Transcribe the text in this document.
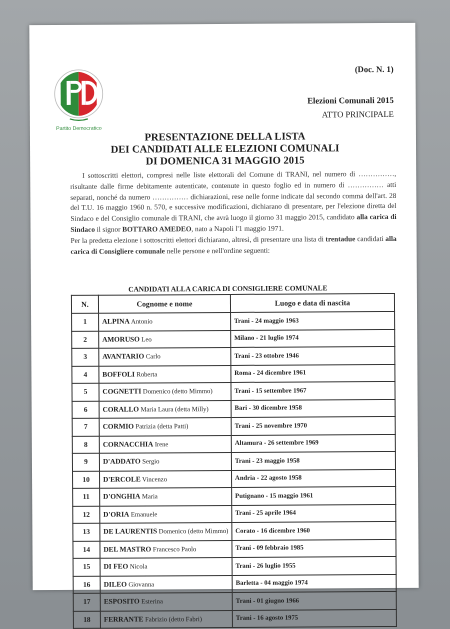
Partito Democratico
(Doc. N. 1)
Elezioni Comunali 2015
ATTO PRINCIPALE
PRESENTAZIONE DELLA LISTA
DEI CANDIDATI ALLE ELEZIONI COMUNALI
DI DOMENICA 31 MAGGIO 2015

I sottoscritti elettori, compresi nelle liste elettorali del Comune di TRANI, nel numero di ……………, risultante dalle firme debitamente autenticate, contenute in questo foglio ed in numero di …………… atti separati, nonché da numero …………… dichiarazioni, rese nelle forme indicate dal secondo comma dell'art. 28 del T.U. 16 maggio 1960 n. 570, e successive modificazioni, dichiarano di presentare, per l'elezione diretta del Sindaco e del Consiglio comunale di TRANI, che avrà luogo il giorno 31 maggio 2015, candidato alla carica di Sindaco il signor BOTTARO AMEDEO, nato a Napoli l'1 maggio 1971.

Per la predetta elezione i sottoscritti elettori dichiarano, altresì, di presentare una lista di trentadue candidati alla carica di Consigliere comunale nelle persone e nell'ordine seguenti:

CANDIDATI ALLA CARICA DI CONSIGLIERE COMUNALE
N.	Cognome e nome	Luogo e data di nascita
1	ALPINA Antonio	Trani - 24 maggio 1963
2	AMORUSO Leo	Milano - 21 luglio 1974
3	AVANTARIO Carlo	Trani - 23 ottobre 1946
4	BOFFOLI Roberta	Roma - 24 dicembre 1961
5	COGNETTI Domenico (detto Mimmo)	Trani - 15 settembre 1967
6	CORALLO Maria Laura (detta Milly)	Bari - 30 dicembre 1958
7	CORMIO Patrizia (detta Patti)	Trani - 25 novembre 1970
8	CORNACCHIA Irene	Altamura - 26 settembre 1969
9	D'ADDATO Sergio	Trani - 23 maggio 1958
10	D'ERCOLE Vincenzo	Andria - 22 agosto 1958
11	D'ONGHIA Maria	Putignano - 15 maggio 1961
12	D'ORIA Emanuele	Trani - 25 aprile 1964
13	DE LAURENTIS Domenico (detto Mimmo)	Corato - 16 dicembre 1960
14	DEL MASTRO Francesco Paolo	Trani - 09 febbraio 1985
15	DI FEO Nicola	Trani - 26 luglio 1955
16	DILEO Giovanna	Barletta - 04 maggio 1974
17	ESPOSITO Esterina	Trani - 01 giugno 1966
18	FERRANTE Fabrizio (detto Fabri)	Trani - 16 agosto 1975
